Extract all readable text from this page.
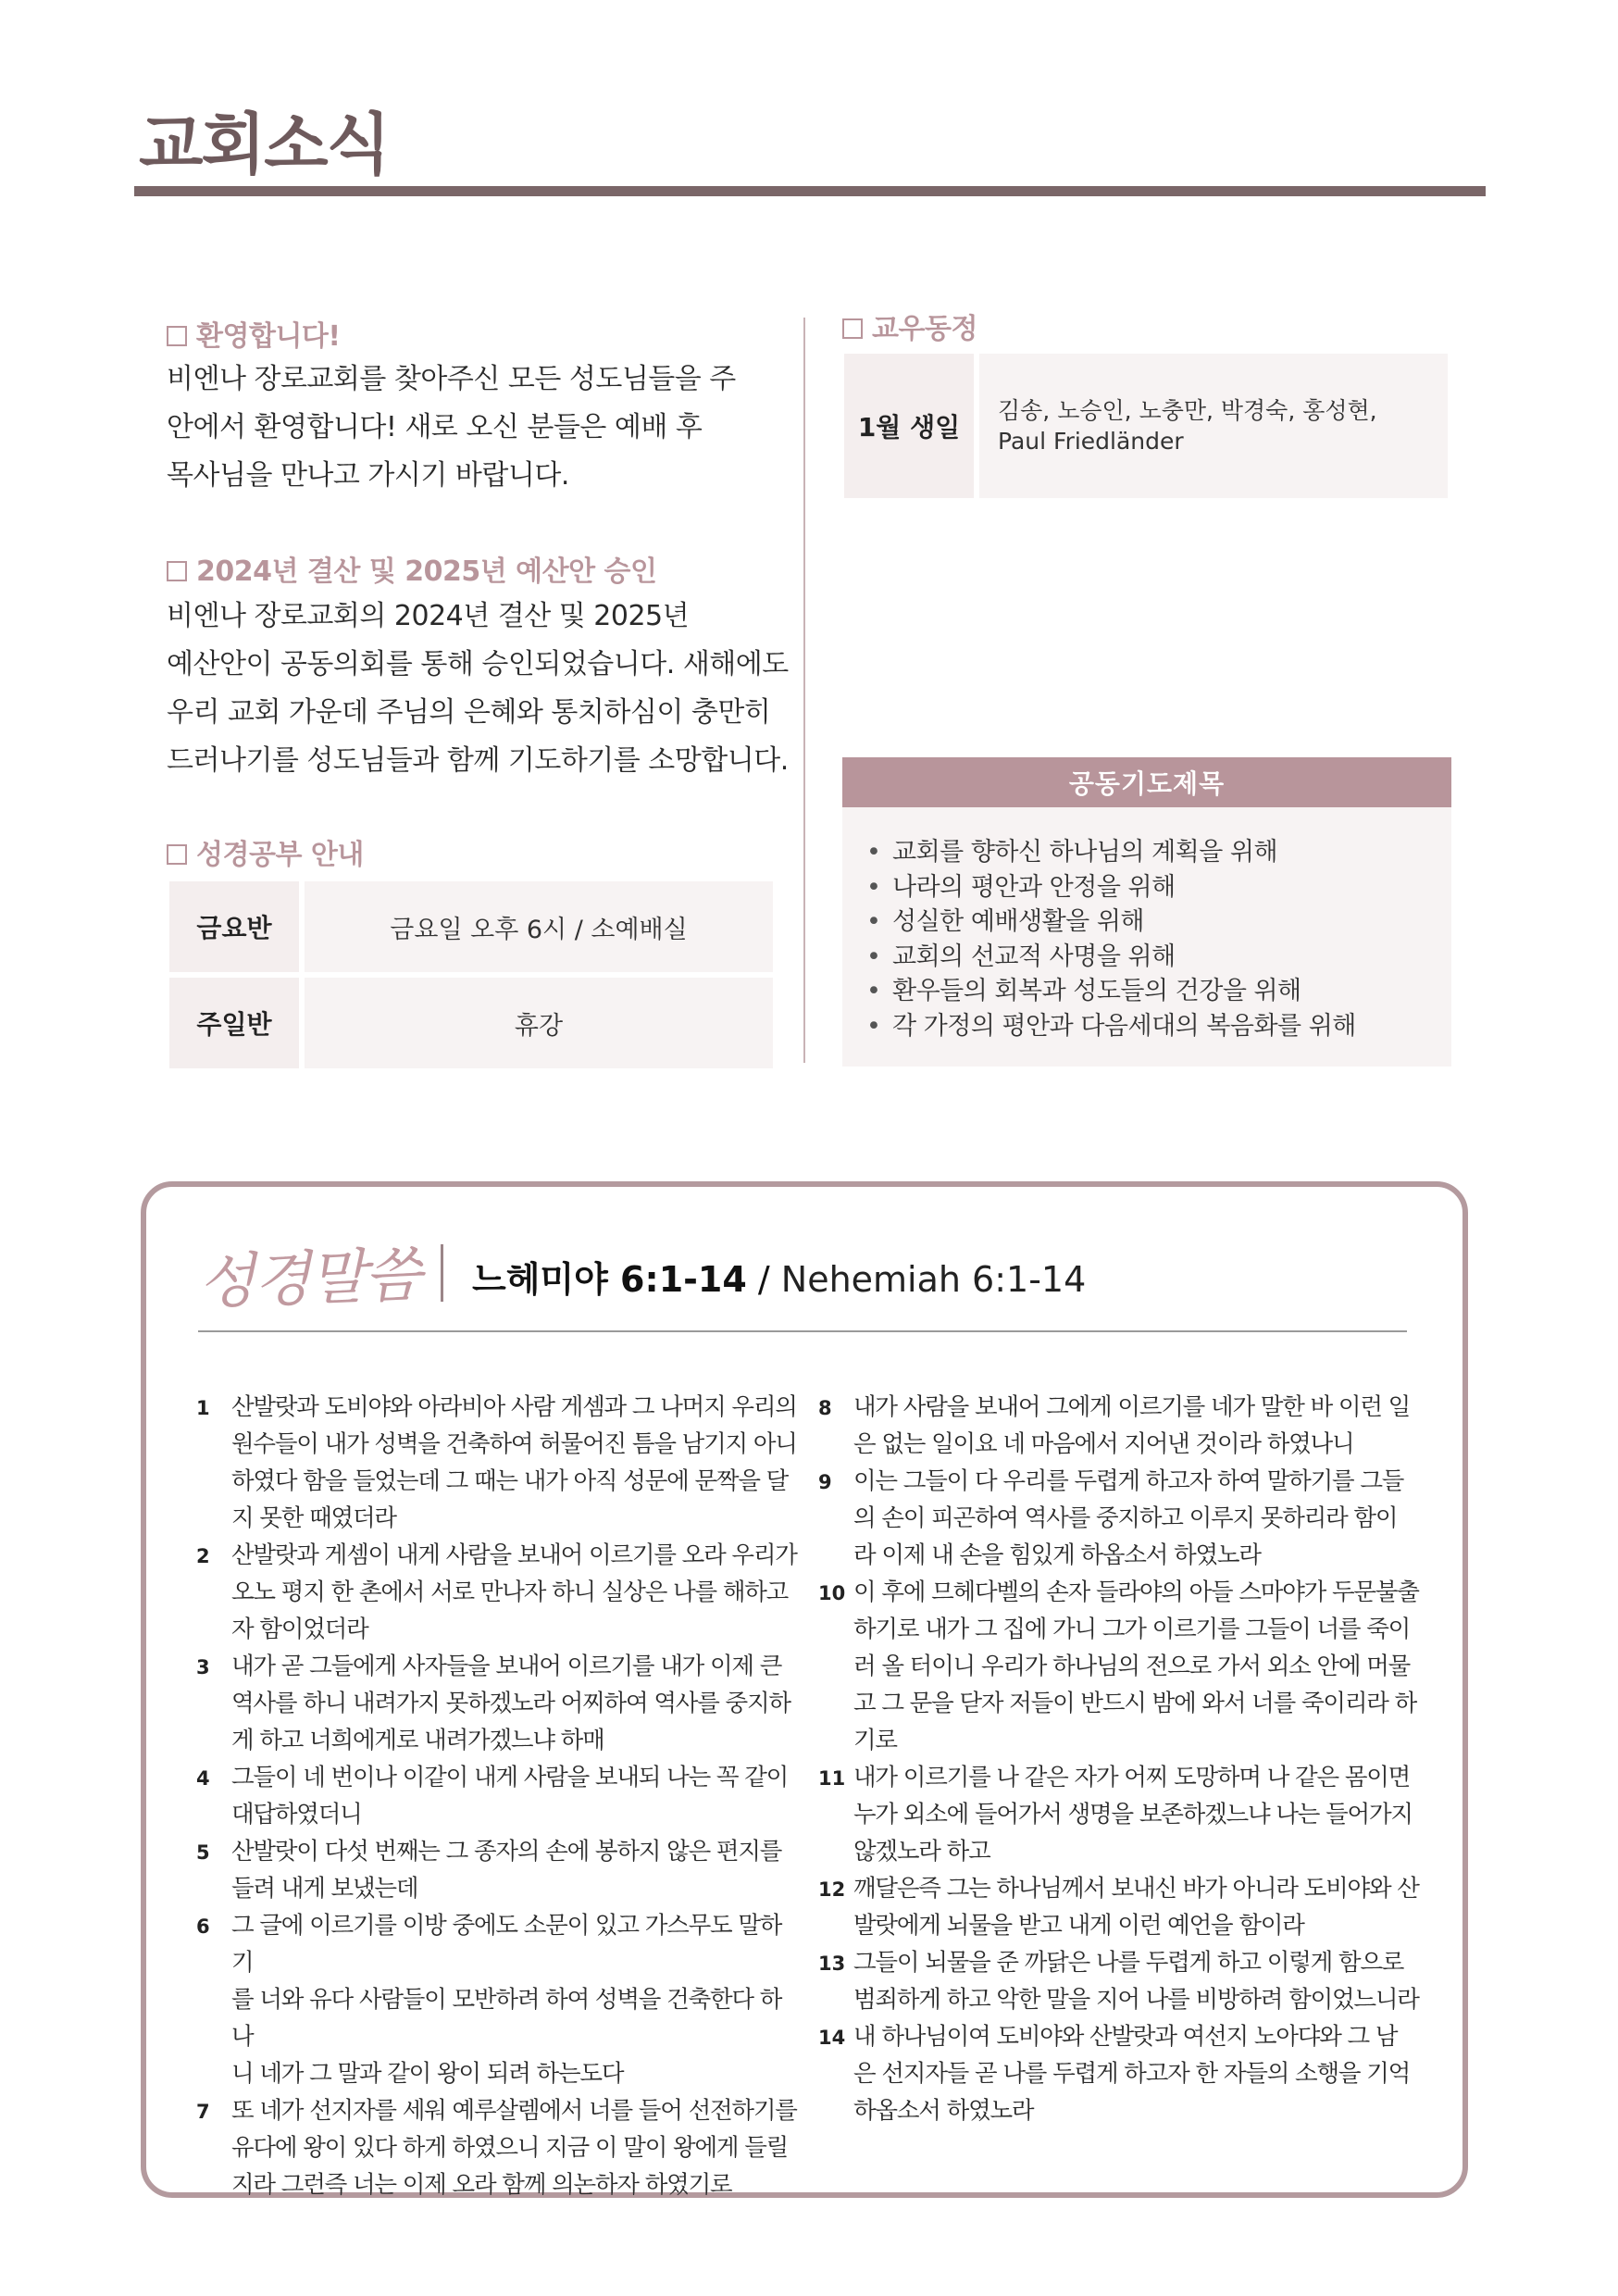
교회소식
환영합니다!
비엔나 장로교회를 찾아주신 모든 성도님들을 주
안에서 환영합니다! 새로 오신 분들은 예배 후
목사님을 만나고 가시기 바랍니다.
2024년 결산 및 2025년 예산안 승인
비엔나 장로교회의 2024년 결산 및 2025년
예산안이 공동의회를 통해 승인되었습니다. 새해에도
우리 교회 가운데 주님의 은혜와 통치하심이 충만히
드러나기를 성도님들과 함께 기도하기를 소망합니다.
성경공부 안내
금요반	금요일 오후 6시 / 소예배실
주일반	휴강
교우동정
1월 생일
김송, 노승인, 노충만, 박경숙, 홍성현, Paul Friedländer
공동기도제목
• 교회를 향하신 하나님의 계획을 위해
• 나라의 평안과 안정을 위해
• 성실한 예배생활을 위해
• 교회의 선교적 사명을 위해
• 환우들의 회복과 성도들의 건강을 위해
• 각 가정의 평안과 다음세대의 복음화를 위해
성경말씀 느헤미야 6:1-14 / Nehemiah 6:1-14
1 산발랏과 도비야와 아라비아 사람 게셈과 그 나머지 우리의
원수들이 내가 성벽을 건축하여 허물어진 틈을 남기지 아니
하였다 함을 들었는데 그 때는 내가 아직 성문에 문짝을 달
지 못한 때였더라
2 산발랏과 게셈이 내게 사람을 보내어 이르기를 오라 우리가
오노 평지 한 촌에서 서로 만나자 하니 실상은 나를 해하고
자 함이었더라
3 내가 곧 그들에게 사자들을 보내어 이르기를 내가 이제 큰
역사를 하니 내려가지 못하겠노라 어찌하여 역사를 중지하
게 하고 너희에게로 내려가겠느냐 하매
4 그들이 네 번이나 이같이 내게 사람을 보내되 나는 꼭 같이
대답하였더니
5 산발랏이 다섯 번째는 그 종자의 손에 봉하지 않은 편지를
들려 내게 보냈는데
6 그 글에 이르기를 이방 중에도 소문이 있고 가스무도 말하기
를 너와 유다 사람들이 모반하려 하여 성벽을 건축한다 하나
니 네가 그 말과 같이 왕이 되려 하는도다
7 또 네가 선지자를 세워 예루살렘에서 너를 들어 선전하기를
유다에 왕이 있다 하게 하였으니 지금 이 말이 왕에게 들릴
지라 그런즉 너는 이제 오라 함께 의논하자 하였기로
8 내가 사람을 보내어 그에게 이르기를 네가 말한 바 이런 일
은 없는 일이요 네 마음에서 지어낸 것이라 하였나니
9 이는 그들이 다 우리를 두렵게 하고자 하여 말하기를 그들
의 손이 피곤하여 역사를 중지하고 이루지 못하리라 함이
라 이제 내 손을 힘있게 하옵소서 하였노라
10 이 후에 므헤다벨의 손자 들라야의 아들 스마야가 두문불출
하기로 내가 그 집에 가니 그가 이르기를 그들이 너를 죽이
러 올 터이니 우리가 하나님의 전으로 가서 외소 안에 머물
고 그 문을 닫자 저들이 반드시 밤에 와서 너를 죽이리라 하
기로
11 내가 이르기를 나 같은 자가 어찌 도망하며 나 같은 몸이면
누가 외소에 들어가서 생명을 보존하겠느냐 나는 들어가지
않겠노라 하고
12 깨달은즉 그는 하나님께서 보내신 바가 아니라 도비야와 산
발랏에게 뇌물을 받고 내게 이런 예언을 함이라
13 그들이 뇌물을 준 까닭은 나를 두렵게 하고 이렇게 함으로
범죄하게 하고 악한 말을 지어 나를 비방하려 함이었느니라
14 내 하나님이여 도비야와 산발랏과 여선지 노아댜와 그 남
은 선지자들 곧 나를 두렵게 하고자 한 자들의 소행을 기억
하옵소서 하였노라
